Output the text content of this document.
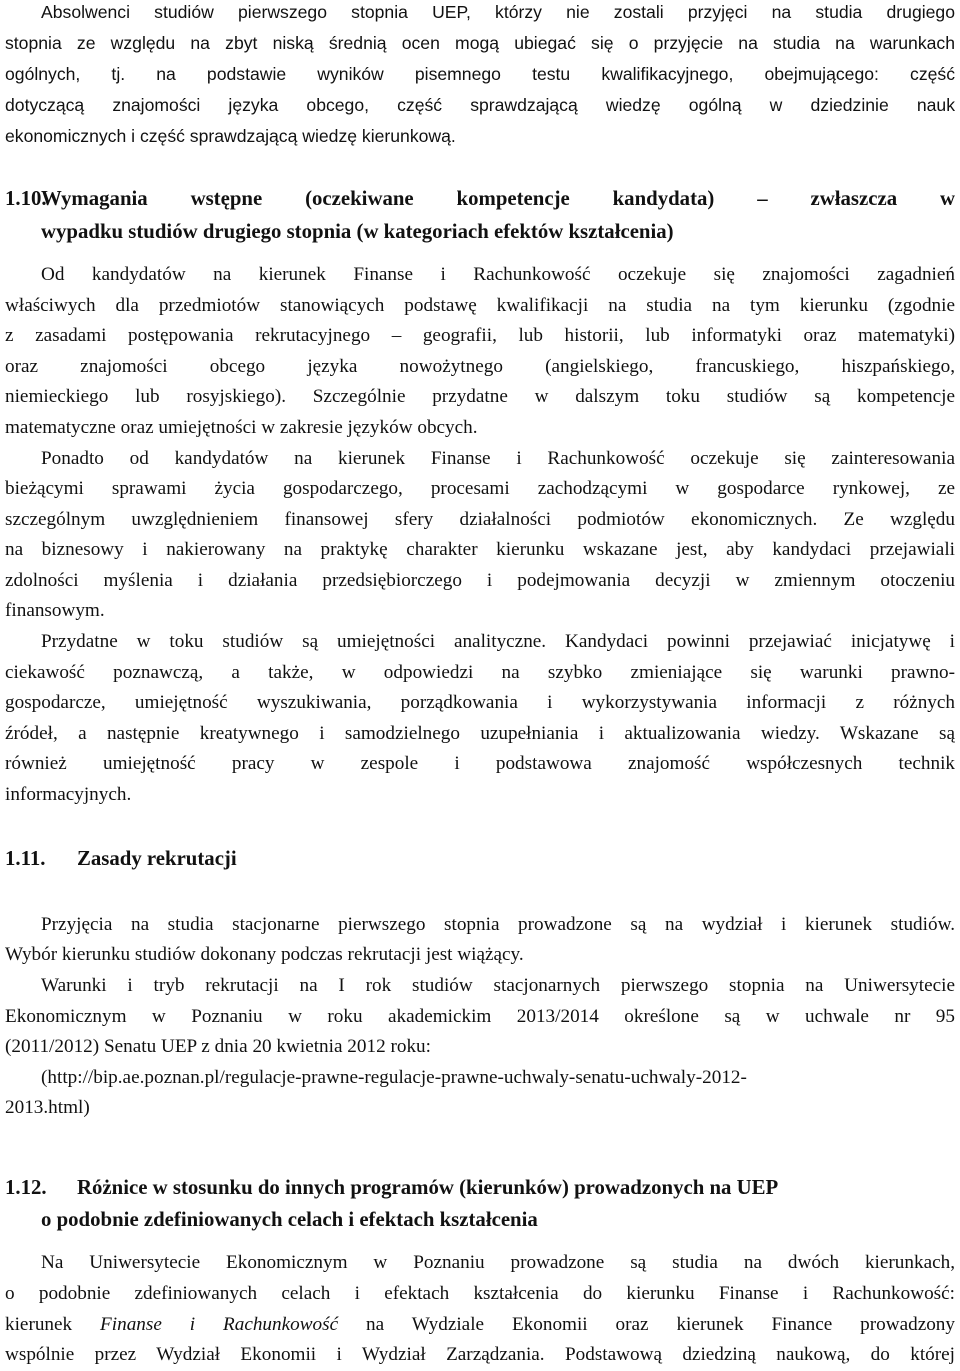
Absolwenci studiów pierwszego stopnia UEP, którzy nie zostali przyjęci na studia drugiego
stopnia ze względu na zbyt niską średnią ocen mogą ubiegać się o przyjęcie na studia na warunkach
ogólnych, tj. na podstawie wyników pisemnego testu kwalifikacyjnego, obejmującego: część
dotyczącą znajomości języka obcego, część sprawdzającą wiedzę ogólną w dziedzinie nauk
ekonomicznych i część sprawdzającą wiedzę kierunkową.
1.10.Wymagania wstępne (oczekiwane kompetencje kandydata) – zwłaszcza w
wypadku studiów drugiego stopnia (w kategoriach efektów kształcenia)
Od kandydatów na kierunek Finanse i Rachunkowość oczekuje się znajomości zagadnień
właściwych dla przedmiotów stanowiących podstawę kwalifikacji na studia na tym kierunku (zgodnie
z zasadami postępowania rekrutacyjnego – geografii, lub historii, lub informatyki oraz matematyki)
oraz znajomości obcego języka nowożytnego (angielskiego, francuskiego, hiszpańskiego,
niemieckiego lub rosyjskiego). Szczególnie przydatne w dalszym toku studiów są kompetencje
matematyczne oraz umiejętności w zakresie języków obcych.
Ponadto od kandydatów na kierunek Finanse i Rachunkowość oczekuje się zainteresowania
bieżącymi sprawami życia gospodarczego, procesami zachodzącymi w gospodarce rynkowej, ze
szczególnym uwzględnieniem finansowej sfery działalności podmiotów ekonomicznych. Ze względu
na biznesowy i nakierowany na praktykę charakter kierunku wskazane jest, aby kandydaci przejawiali
zdolności myślenia i działania przedsiębiorczego i podejmowania decyzji w zmiennym otoczeniu
finansowym.
Przydatne w toku studiów są umiejętności analityczne. Kandydaci powinni przejawiać inicjatywę i
ciekawość poznawczą, a także, w odpowiedzi na szybko zmieniające się warunki prawno-
gospodarcze, umiejętność wyszukiwania, porządkowania i wykorzystywania informacji z różnych
źródeł, a następnie kreatywnego i samodzielnego uzupełniania i aktualizowania wiedzy. Wskazane są
również umiejętność pracy w zespole i podstawowa znajomość współczesnych technik
informacyjnych.
1.11. Zasady rekrutacji
Przyjęcia na studia stacjonarne pierwszego stopnia prowadzone są na wydział i kierunek studiów.
Wybór kierunku studiów dokonany podczas rekrutacji jest wiążący.
Warunki i tryb rekrutacji na I rok studiów stacjonarnych pierwszego stopnia na Uniwersytecie
Ekonomicznym w Poznaniu w roku akademickim 2013/2014 określone są w uchwale nr 95
(2011/2012) Senatu UEP z dnia 20 kwietnia 2012 roku:
(http://bip.ae.poznan.pl/regulacje-prawne-regulacje-prawne-uchwaly-senatu-uchwaly-2012-
2013.html)
1.12. Różnice w stosunku do innych programów (kierunków) prowadzonych na UEP
o podobnie zdefiniowanych celach i efektach kształcenia
Na Uniwersytecie Ekonomicznym w Poznaniu prowadzone są studia na dwóch kierunkach,
o podobnie zdefiniowanych celach i efektach kształcenia do kierunku Finanse i Rachunkowość:
kierunek Finanse i Rachunkowość na Wydziale Ekonomii oraz kierunek Finance prowadzony
wspólnie przez Wydział Ekonomii i Wydział Zarządzania. Podstawową dziedziną naukową, do której
